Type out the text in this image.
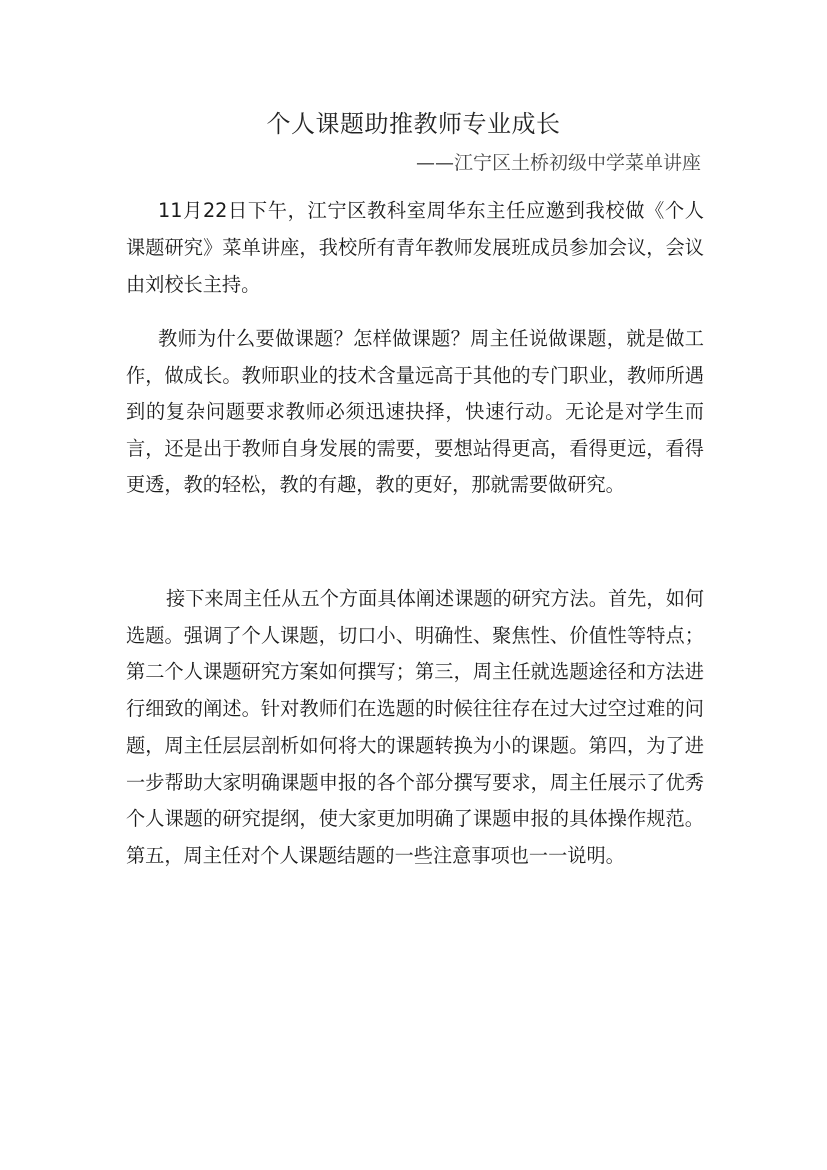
个人课题助推教师专业成长
——江宁区土桥初级中学菜单讲座

11月22日下午，江宁区教科室周华东主任应邀到我校做《个人课题研究》菜单讲座，我校所有青年教师发展班成员参加会议，会议由刘校长主持。

教师为什么要做课题？怎样做课题？周主任说做课题，就是做工作，做成长。教师职业的技术含量远高于其他的专门职业，教师所遇到的复杂问题要求教师必须迅速抉择，快速行动。无论是对学生而言，还是出于教师自身发展的需要，要想站得更高，看得更远，看得更透，教的轻松，教的有趣，教的更好，那就需要做研究。

接下来周主任从五个方面具体阐述课题的研究方法。首先，如何选题。强调了个人课题，切口小、明确性、聚焦性、价值性等特点；第二个人课题研究方案如何撰写；第三，周主任就选题途径和方法进行细致的阐述。针对教师们在选题的时候往往存在过大过空过难的问题，周主任层层剖析如何将大的课题转换为小的课题。第四，为了进一步帮助大家明确课题申报的各个部分撰写要求，周主任展示了优秀个人课题的研究提纲，使大家更加明确了课题申报的具体操作规范。第五，周主任对个人课题结题的一些注意事项也一一说明。
